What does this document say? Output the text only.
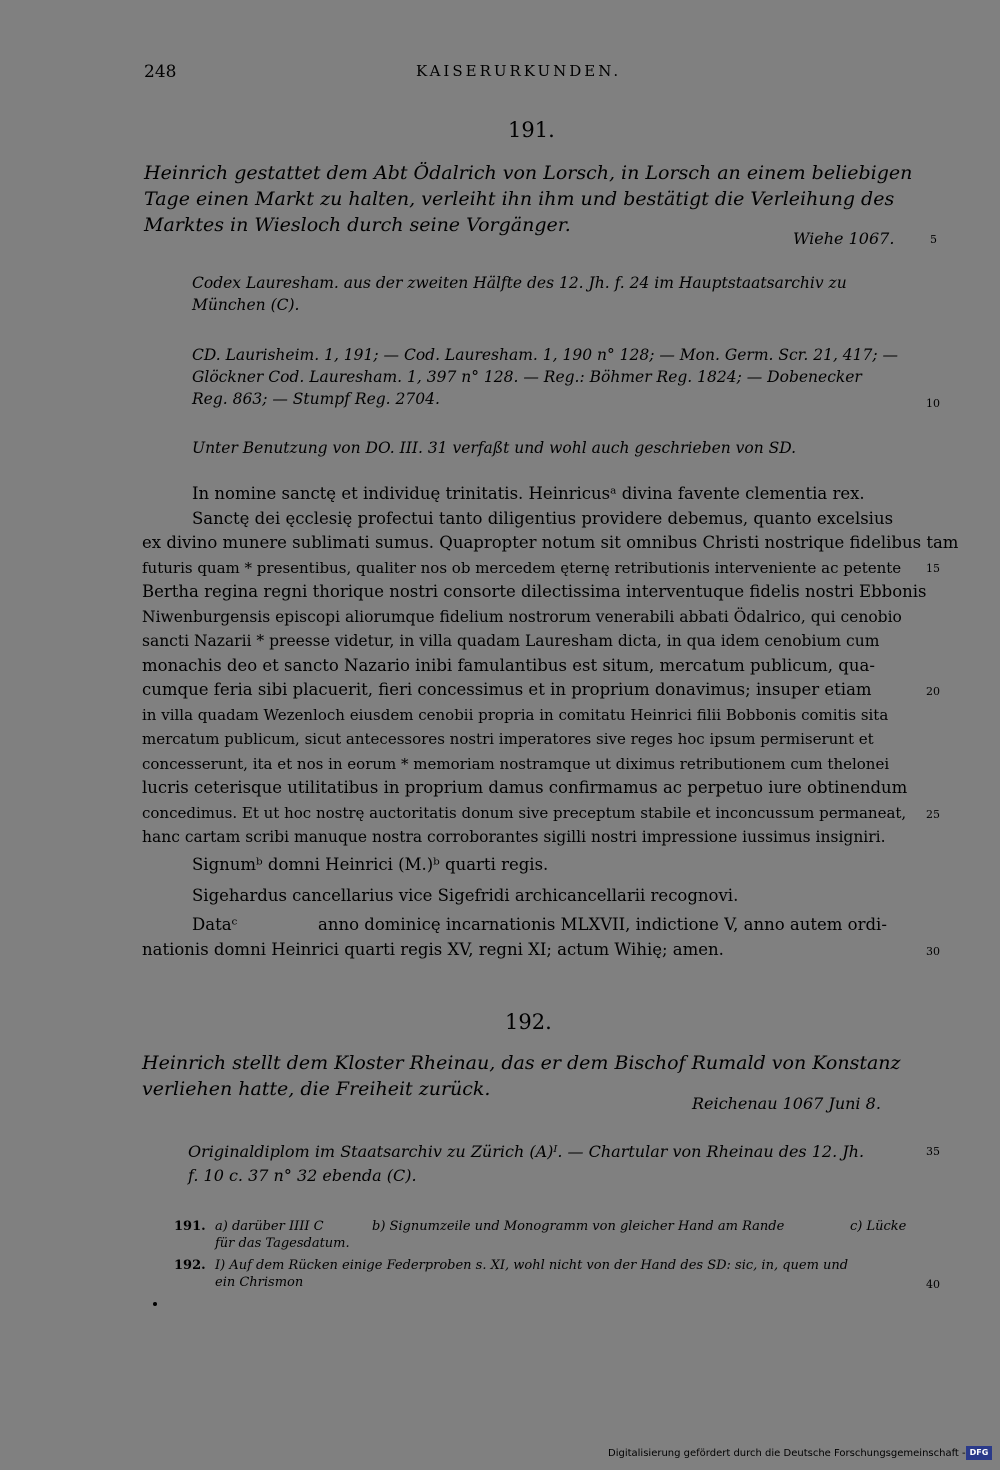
248	KAISERURKUNDEN.
191.
Heinrich gestattet dem Abt Ödalrich von Lorsch, in Lorsch an einem beliebigen
Tage einen Markt zu halten, verleiht ihn ihm und bestätigt die Verleihung des
Marktes in Wiesloch durch seine Vorgänger.
Wiehe 1067.
Codex Lauresham. aus der zweiten Hälfte des 12. Jh. f. 24 im Hauptstaatsarchiv zu
München (C).
CD. Laurisheim. 1, 191; — Cod. Lauresham. 1, 190 n° 128; — Mon. Germ. Scr. 21, 417; —
Glöckner Cod. Lauresham. 1, 397 n° 128. — Reg.: Böhmer Reg. 1824; — Dobenecker
Reg. 863; — Stumpf Reg. 2704.
Unter Benutzung von DO. III. 31 verfaßt und wohl auch geschrieben von SD.
In nomine sanctę et individuę trinitatis. Heinricusᵃ divina favente clementia rex.
Sanctę dei ęcclesię profectui tanto diligentius providere debemus, quanto excelsius
ex divino munere sublimati sumus. Quapropter notum sit omnibus Christi nostrique fidelibus tam
futuris quam * presentibus, qualiter nos ob mercedem ęternę retributionis interveniente ac petente
Bertha regina regni thorique nostri consorte dilectissima interventuque fidelis nostri Ebbonis
Niwenburgensis episcopi aliorumque fidelium nostrorum venerabili abbati Ödalrico, qui cenobio
sancti Nazarii * preesse videtur, in villa quadam Lauresham dicta, in qua idem cenobium cum
monachis deo et sancto Nazario inibi famulantibus est situm, mercatum publicum, qua-
cumque feria sibi placuerit, fieri concessimus et in proprium donavimus; insuper etiam
in villa quadam Wezenloch eiusdem cenobii propria in comitatu Heinrici filii Bobbonis comitis sita
mercatum publicum, sicut antecessores nostri imperatores sive reges hoc ipsum permiserunt et
concesserunt, ita et nos in eorum * memoriam nostramque ut diximus retributionem cum thelonei
lucris ceterisque utilitatibus in proprium damus confirmamus ac perpetuo iure obtinendum
concedimus. Et ut hoc nostrę auctoritatis donum sive preceptum stabile et inconcussum permaneat,
hanc cartam scribi manuque nostra corroborantes sigilli nostri impressione iussimus insigniri.
Signumᵇ domni Heinrici (M.)ᵇ quarti regis.
Sigehardus cancellarius vice Sigefridi archicancellarii recognovi.
Dataᶜ	anno dominicę incarnationis MLXVII, indictione V, anno autem ordi-
nationis domni Heinrici quarti regis XV, regni XI; actum Wihię; amen.
192.
Heinrich stellt dem Kloster Rheinau, das er dem Bischof Rumald von Konstanz
verliehen hatte, die Freiheit zurück.
Reichenau 1067 Juni 8.
Originaldiplom im Staatsarchiv zu Zürich (A)ᴵ. — Chartular von Rheinau des 12. Jh.
f. 10 c. 37 n° 32 ebenda (C).
191. a) darüber IIII C	b) Signumzeile und Monogramm von gleicher Hand am Rande	c) Lücke
für das Tagesdatum.
192. I) Auf dem Rücken einige Federproben s. XI, wohl nicht von der Hand des SD: sic, in, quem und
ein Chrismon
5
10
15
20
25
30
35
40
Digitalisierung gefördert durch die Deutsche Forschungsgemeinschaft - DFG
